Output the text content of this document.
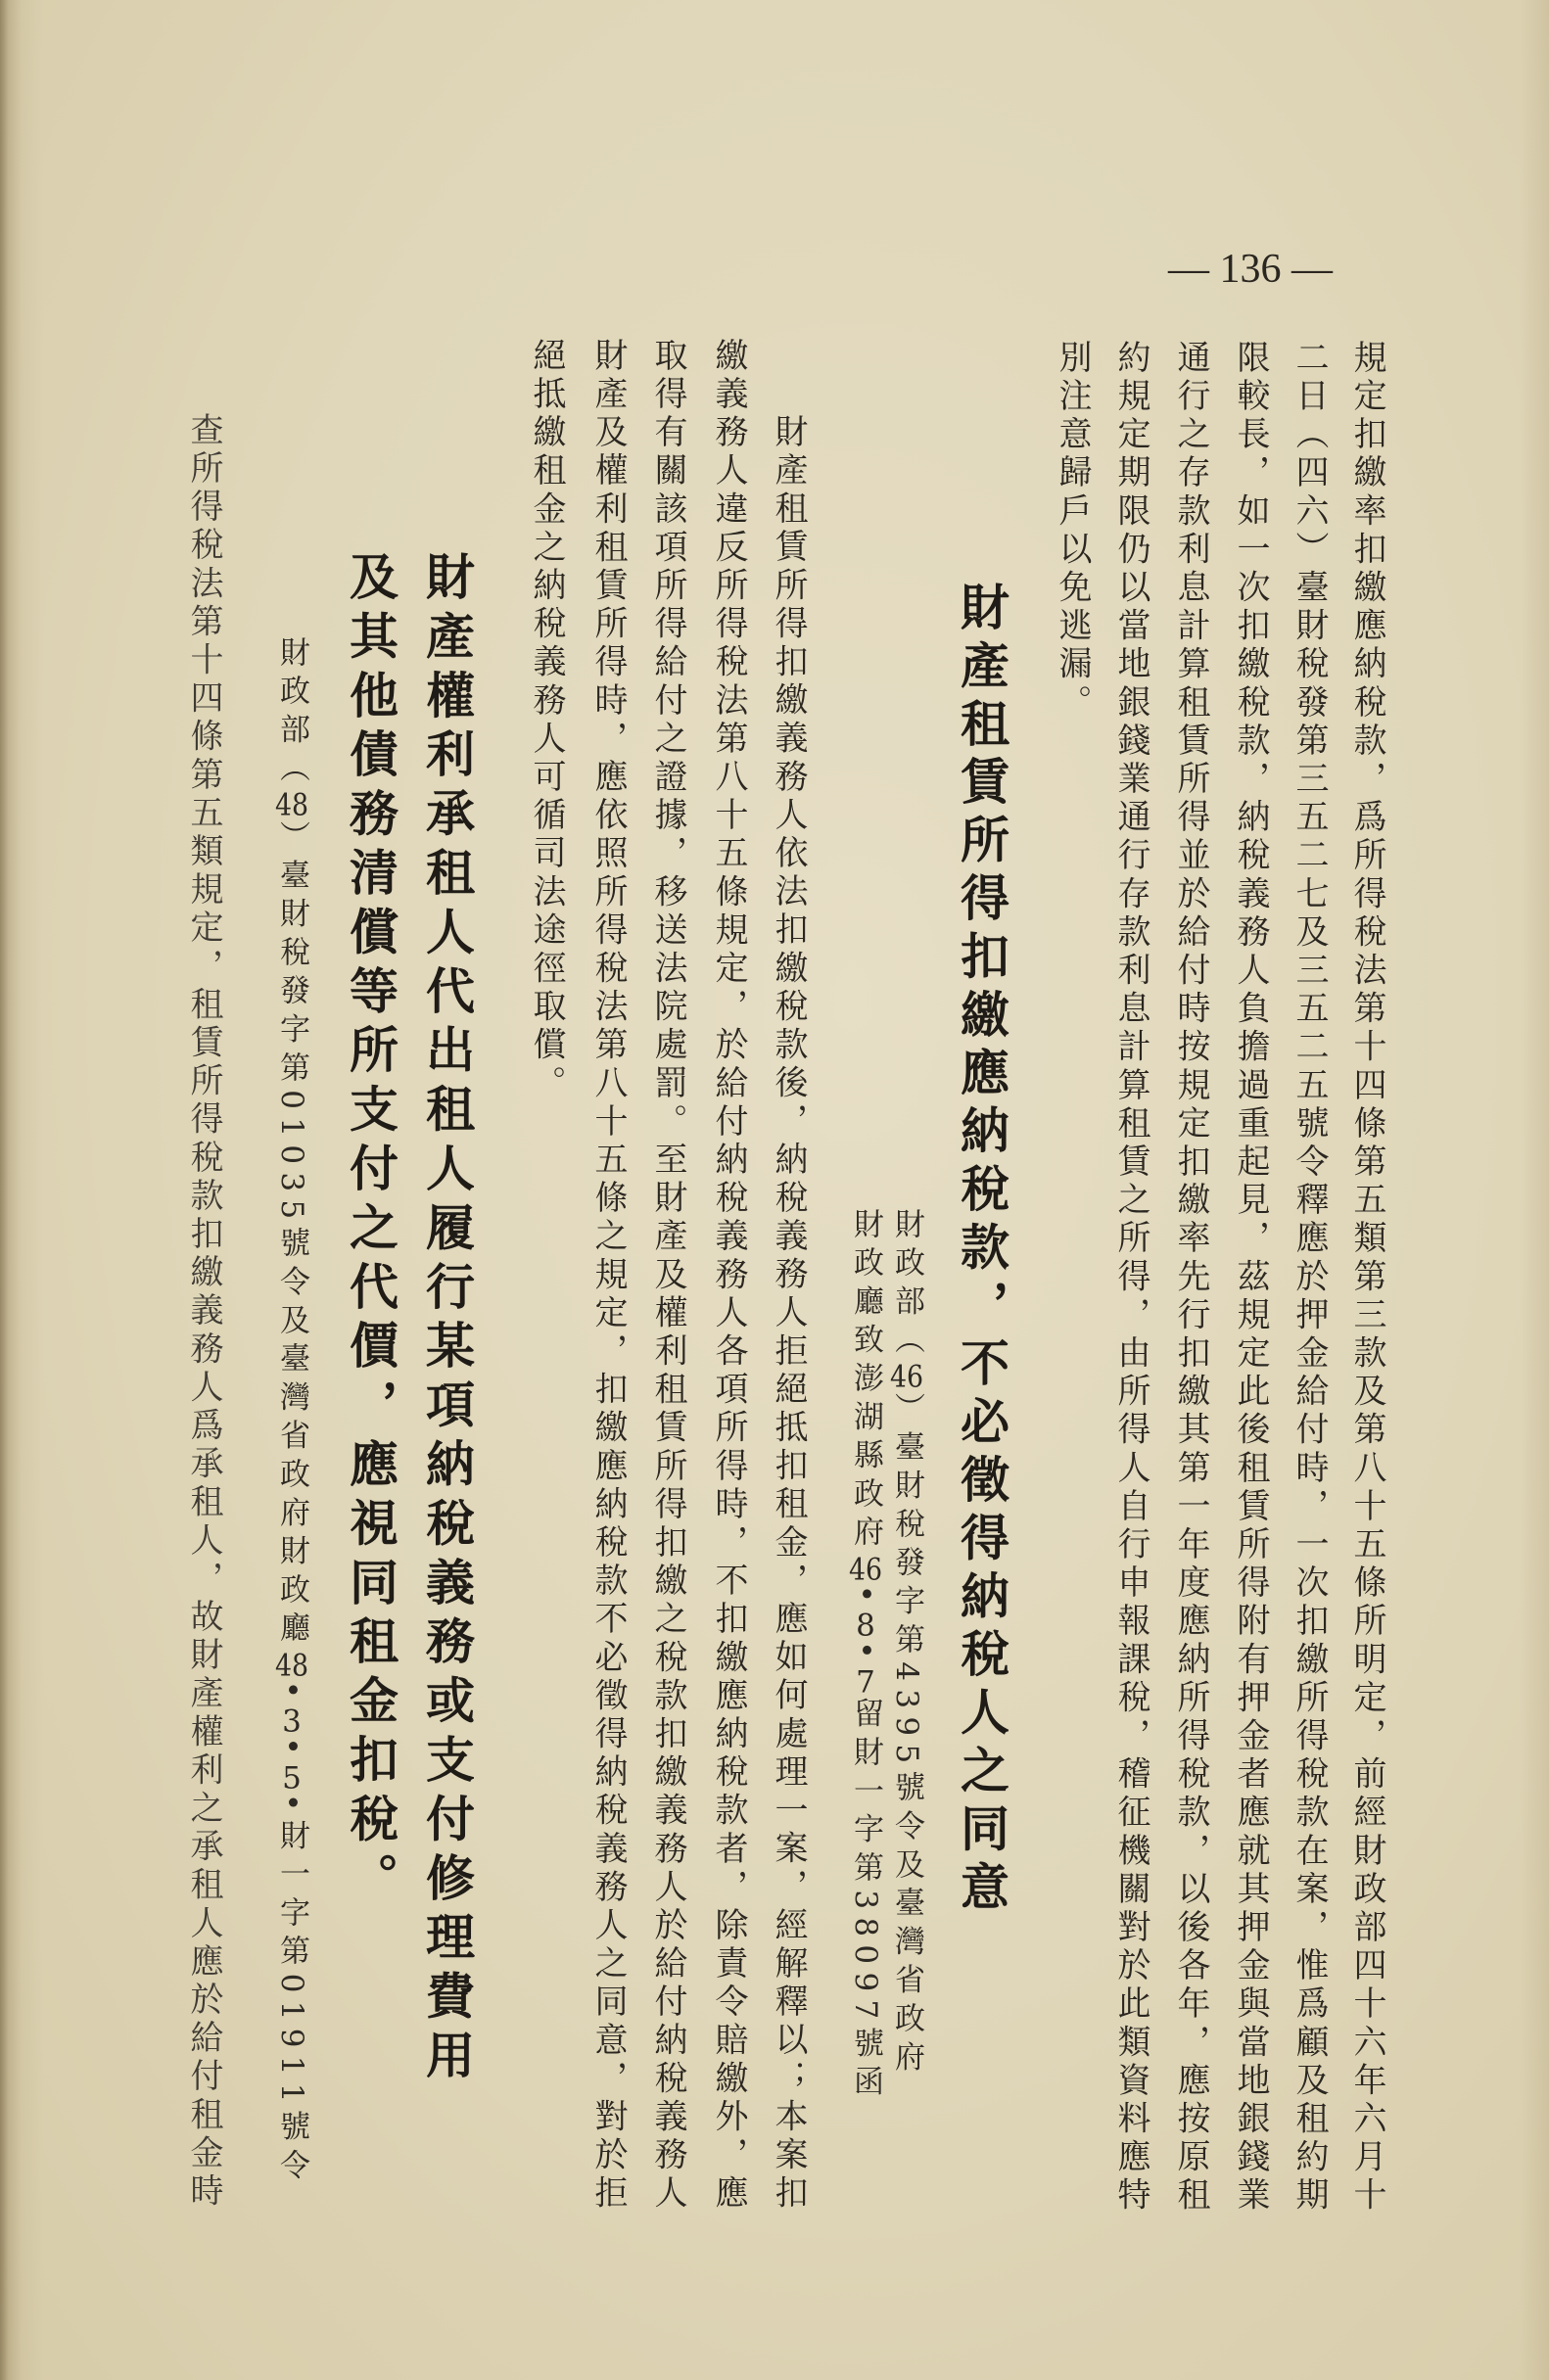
— 136 —
規定扣繳率扣繳應納稅款，爲所得稅法第十四條第五類第三款及第八十五條所明定，前經財政部四十六年六月十
二日（四六）臺財稅發第三五二七及三五二五號令釋應於押金給付時，一次扣繳所得稅款在案，惟爲顧及租約期
限較長，如一次扣繳稅款，納稅義務人負擔過重起見，茲規定此後租賃所得附有押金者應就其押金與當地銀錢業
通行之存款利息計算租賃所得並於給付時按規定扣繳率先行扣繳其第一年度應納所得稅款，以後各年，應按原租
約規定期限仍以當地銀錢業通行存款利息計算租賃之所得，由所得人自行申報課稅，稽征機關對於此類資料應特
別注意歸戶以免逃漏。
財產租賃所得扣繳應納稅款，不必徵得納稅人之同意
財政部（46）臺財稅發字第4395號令及臺灣省政府
財政廳致澎湖縣政府46•8•7留財一字第38097號函
財產租賃所得扣繳義務人依法扣繳稅款後，納稅義務人拒絕抵扣租金，應如何處理一案，經解釋以；本案扣
繳義務人違反所得稅法第八十五條規定，於給付納稅義務人各項所得時，不扣繳應納稅款者，除責令賠繳外，應
取得有關該項所得給付之證據，移送法院處罰。至財產及權利租賃所得扣繳之稅款扣繳義務人於給付納稅義務人
財產及權利租賃所得時，應依照所得稅法第八十五條之規定，扣繳應納稅款不必徵得納稅義務人之同意，對於拒
絕抵繳租金之納稅義務人可循司法途徑取償。
財產權利承租人代出租人履行某項納稅義務或支付修理費用
及其他債務清償等所支付之代價，應視同租金扣稅。
財政部（48）臺財稅發字第01035號令及臺灣省政府財政廳48•3•5•財一字第01911號令
查所得稅法第十四條第五類規定，租賃所得稅款扣繳義務人爲承租人，故財產權利之承租人應於給付租金時
